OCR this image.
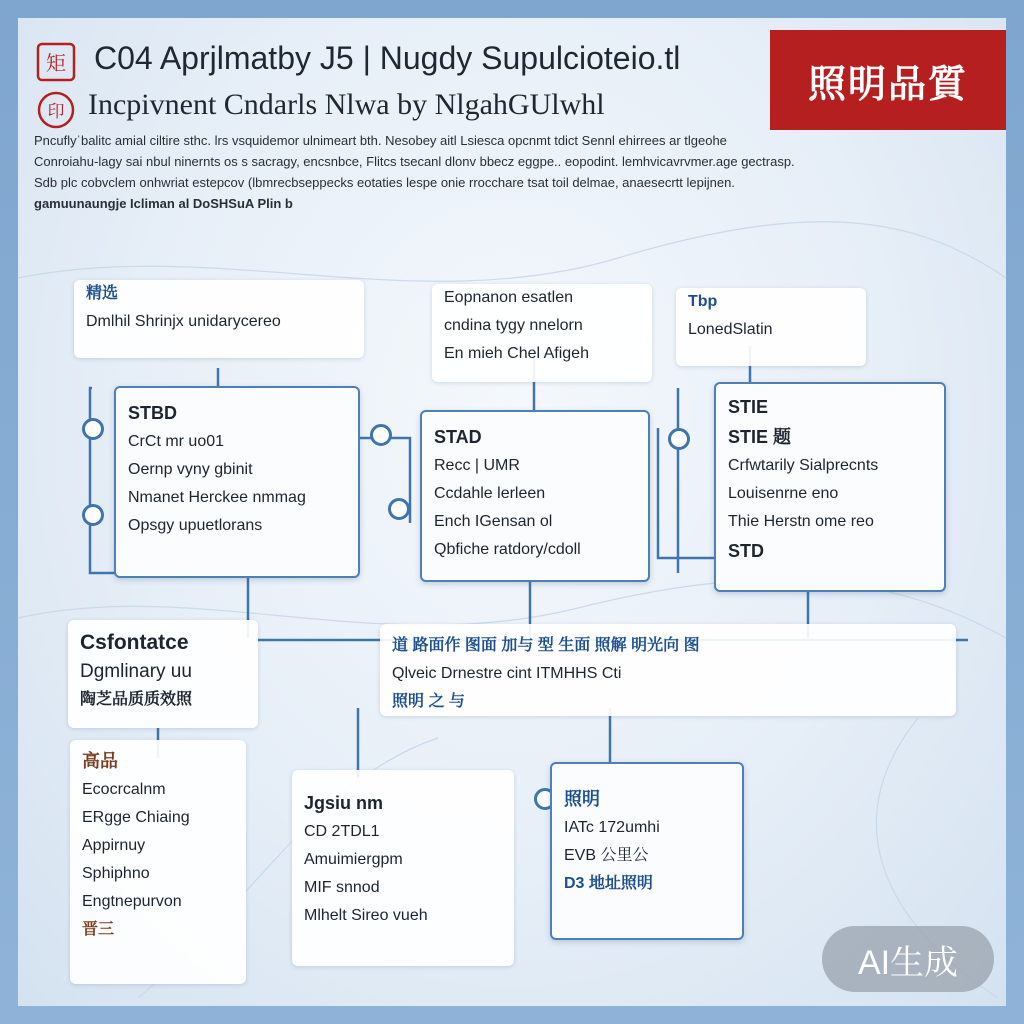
矩
印
C04 Aprjlmatby J5 | Nugdy Supulcioteio.tl
Incpivnent Cndarls Nlwa by NlgahGUlwhl	照明品質

Pncuflyˈbalitc amial ciltire sthc. lrs vsquidemor ulnimeart bth. Nesobey aitl Lsiesca opcnmt tdict Sennl ehirrees ar tlgeohe

Conroiahu-lagy sai nbul ninernts os s sacragy, encsnbce, Flitcs tsecanl dlonv bbecz eggpe.. eopodint. lemhvicavrvmer.age gectrasp.

Sdb plc cobvclem onhwriat estepcov (lbmrecbseppecks eotaties lespe onie rrocchare tsat toil delmae, anaesecrtt lepijnen.

gamuunaungje Icliman al DoSHSuA Plin b

精选
Dmlhil Shrinjx unidarycereo
Eopnanon esatlen
cndina tygy nnelorn
En mieh Chel Afigeh
Tbp
LonedSlatin
STBD
CrCt mr uo01
Oernp vyny gbinit
Nmanet Herckee nmmag
Opsgy upuetlorans
STAD
Recc | UMR
Ccdahle lerleen
Ench IGensan ol
Qbfiche ratdory/cdoll
STIE
STIE 题
Crfwtarily Sialprecnts
Louisenrne eno
Thie Herstn ome reo
STD
Csfontatce
Dgmlinary uu
陶芝品质质效照
道 路面作 图面 加与 型 生面 照解 明光向 图
Qlveic Drnestre cint ITMHHS Cti
照明 之 与
高品
Ecocrcalnm
ERgge Chiaing
Appirnuy
Sphiphno
Engtnepurvon
晋三
Jgsiu nm
CD 2TDL1
Amuimiergpm
MIF snnod
Mlhelt Sireo vueh
照明
IATc 172umhi
EVB 公里公
D3 地址照明
AI生成
